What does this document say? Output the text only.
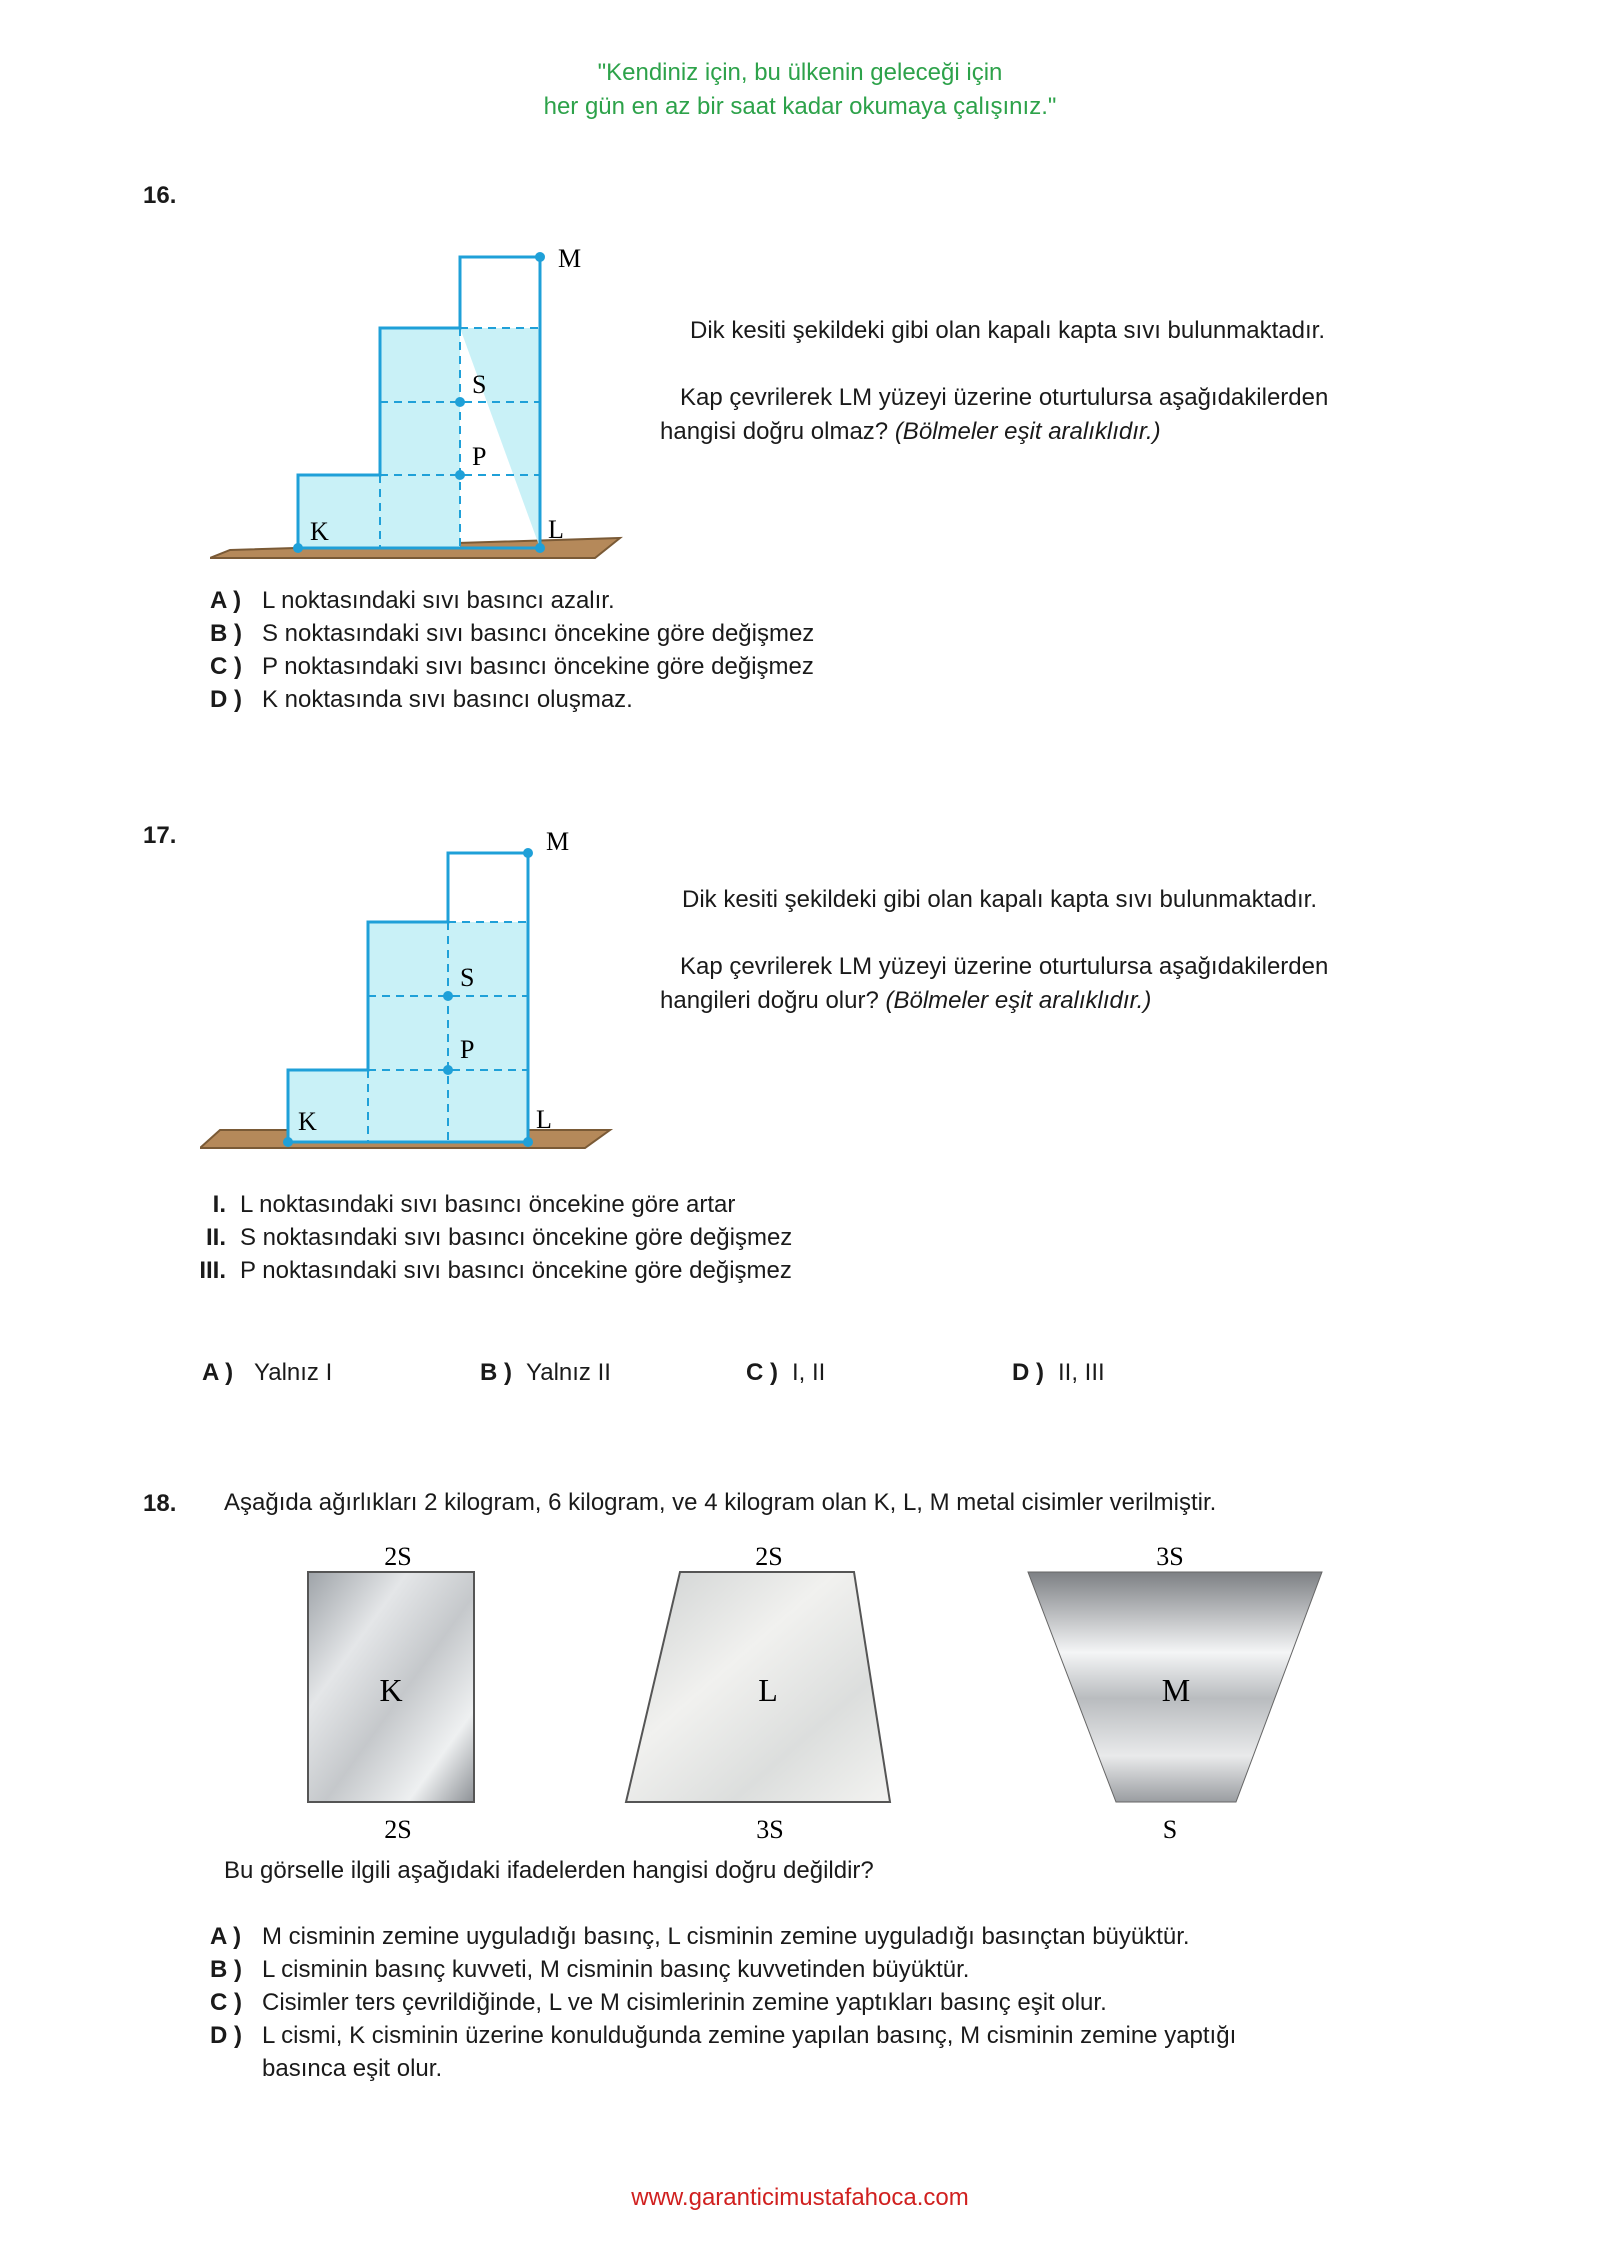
"Kendiniz için, bu ülkenin geleceği için
her gün en az bir saat kadar okumaya çalışınız."
16.
M
S
P
K	L
Dik kesiti şekildeki gibi olan kapalı kapta sıvı bulunmaktadır.
Kap çevrilerek LM yüzeyi üzerine oturtulursa aşağıdakilerden
hangisi doğru olmaz? (Bölmeler eşit aralıklıdır.)
A ) L noktasındaki sıvı basıncı azalır.
B ) S noktasındaki sıvı basıncı öncekine göre değişmez
C ) P noktasındaki sıvı basıncı öncekine göre değişmez
D ) K noktasında sıvı basıncı oluşmaz.
17.	M
S
P
K	L
Dik kesiti şekildeki gibi olan kapalı kapta sıvı bulunmaktadır.
Kap çevrilerek LM yüzeyi üzerine oturtulursa aşağıdakilerden
hangileri doğru olur? (Bölmeler eşit aralıklıdır.)
I. L noktasındaki sıvı basıncı öncekine göre artar
II. S noktasındaki sıvı basıncı öncekine göre değişmez
III. P noktasındaki sıvı basıncı öncekine göre değişmez
A ) Yalnız I	B ) Yalnız II	C ) I, II	D ) II, III
18. Aşağıda ağırlıkları 2 kilogram, 6 kilogram, ve 4 kilogram olan K, L, M metal cisimler verilmiştir.
2S
K
2S
2S
L
3S
3S
M
S
Bu görselle ilgili aşağıdaki ifadelerden hangisi doğru değildir?
A ) M cisminin zemine uyguladığı basınç, L cisminin zemine uyguladığı basınçtan büyüktür.
B ) L cisminin basınç kuvveti, M cisminin basınç kuvvetinden büyüktür.
C ) Cisimler ters çevrildiğinde, L ve M cisimlerinin zemine yaptıkları basınç eşit olur.
D ) L cismi, K cisminin üzerine konulduğunda zemine yapılan basınç, M cisminin zemine yaptığı
basınca eşit olur.
www.garanticimustafahoca.com
